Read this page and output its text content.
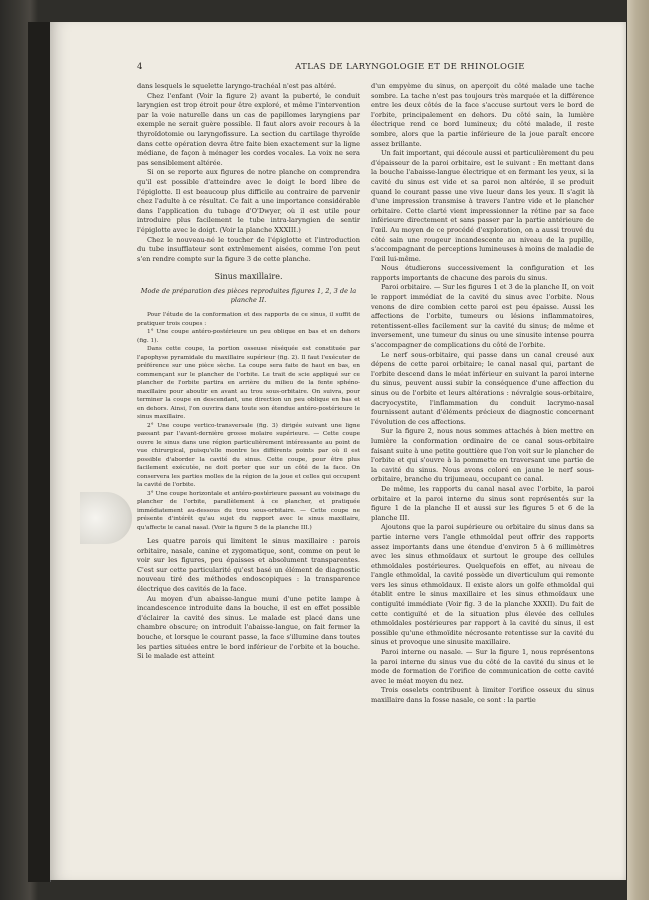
4	ATLAS DE LARYNGOLOGIE ET DE RHINOLOGIE

dans lesquels le squelette laryngo-trachéal n'est pas altéré.

Chez l'enfant (Voir la figure 2) avant la puberté, le conduit laryngien est trop étroit pour être exploré, et même l'intervention par la voie naturelle dans un cas de papillomes laryngiens par exemple ne serait guère possible. Il faut alors avoir recours à la thyroïdotomie ou laryngofissure. La section du cartilage thyroïde dans cette opération devra être faite bien exactement sur la ligne médiane, de façon à ménager les cordes vocales. La voix ne sera pas sensiblement altérée.

Si on se reporte aux figures de notre planche on comprendra qu'il est possible d'atteindre avec le doigt le bord libre de l'épiglotte. Il est beaucoup plus difficile au contraire de parvenir chez l'adulte à ce résultat. Ce fait a une importance considérable dans l'application du tubage d'O'Dwyer, où il est utile pour introduire plus facilement le tube intra-laryngien de sentir l'épiglotte avec le doigt. (Voir la planche XXXIII.)

Chez le nouveau-né le toucher de l'épiglotte et l'introduction du tube insufflateur sont extrêmement aisées, comme l'on peut s'en rendre compte sur la figure 3 de cette planche.

Sinus maxillaire.
Mode de préparation des pièces reproduites figures 1, 2, 3 de la planche II.

Pour l'étude de la conformation et des rapports de ce sinus, il suffit de pratiquer trois coupes :

1° Une coupe antéro-postérieure un peu oblique en bas et en dehors (fig. 1).

Dans cette coupe, la portion osseuse réséquée est constituée par l'apophyse pyramidale du maxillaire supérieur (fig. 2). Il faut l'exécuter de préférence sur une pièce sèche. La coupe sera faite de haut en bas, en commençant sur le plancher de l'orbite. Le trait de scie appliqué sur ce plancher de l'orbite partira en arrière du milieu de la fente sphéno-maxillaire pour aboutir en avant au trou sous-orbitaire. On suivra, pour terminer la coupe en descendant, une direction un peu oblique en bas et en dehors. Ainsi, l'on ouvrira dans toute son étendue antéro-postérieure le sinus maxillaire.

2° Une coupe vertico-transversale (fig. 3) dirigée suivant une ligne passant par l'avant-dernière grosse molaire supérieure. — Cette coupe ouvre le sinus dans une région particulièrement intéressante au point de vue chirurgical, puisqu'elle montre les différents points par où il est possible d'aborder la cavité du sinus. Cette coupe, pour être plus facilement exécutée, ne doit porter que sur un côté de la face. On conservera les parties molles de la région de la joue et celles qui occupent la cavité de l'orbite.

3° Une coupe horizontale et antéro-postérieure passant au voisinage du plancher de l'orbite, parallèlement à ce plancher, et pratiquée immédiatement au-dessous du trou sous-orbitaire. — Cette coupe ne présente d'intérêt qu'au sujet du rapport avec le sinus maxillaire, qu'affecte le canal nasal. (Voir la figure 5 de la planche III.)

Les quatre parois qui limitent le sinus maxillaire : parois orbitaire, nasale, canine et zygomatique, sont, comme on peut le voir sur les figures, peu épaisses et absolument transparentes. C'est sur cette particularité qu'est basé un élément de diagnostic nouveau tiré des méthodes endoscopiques : la transparence électrique des cavités de la face.

Au moyen d'un abaisse-langue muni d'une petite lampe à incandescence introduite dans la bouche, il est en effet possible d'éclairer la cavité des sinus. Le malade est placé dans une chambre obscure; on introduit l'abaisse-langue, on fait fermer la bouche, et lorsque le courant passe, la face s'illumine dans toutes les parties situées entre le bord inférieur de l'orbite et la bouche. Si le malade est atteint

d'un empyème du sinus, on aperçoit du côté malade une tache sombre. La tache n'est pas toujours très marquée et la différence entre les deux côtés de la face s'accuse surtout vers le bord de l'orbite, principalement en dehors. Du côté sain, la lumière électrique rend ce bord lumineux; du côté malade, il reste sombre, alors que la partie inférieure de la joue paraît encore assez brillante.

Un fait important, qui découle aussi et particulièrement du peu d'épaisseur de la paroi orbitaire, est le suivant : En mettant dans la bouche l'abaisse-langue électrique et en fermant les yeux, si la cavité du sinus est vide et sa paroi non altérée, il se produit quand le courant passe une vive lueur dans les yeux. Il s'agit là d'une impression transmise à travers l'antre vide et le plancher orbitaire. Cette clarté vient impressionner la rétine par sa face inférieure directement et sans passer par la partie antérieure de l'œil. Au moyen de ce procédé d'exploration, on a aussi trouvé du côté sain une rougeur incandescente au niveau de la pupille, s'accompagnant de perceptions lumineuses à moins de maladie de l'œil lui-même.

Nous étudierons successivement la configuration et les rapports importants de chacune des parois du sinus.

Paroi orbitaire. — Sur les figures 1 et 3 de la planche II, on voit le rapport immédiat de la cavité du sinus avec l'orbite. Nous venons de dire combien cette paroi est peu épaisse. Aussi les affections de l'orbite, tumeurs ou lésions inflammatoires, retentissent-elles facilement sur la cavité du sinus; de même et inversement, une tumeur du sinus ou une sinusite intense pourra s'accompagner de complications du côté de l'orbite.

Le nerf sous-orbitaire, qui passe dans un canal creusé aux dépens de cette paroi orbitaire; le canal nasal qui, partant de l'orbite descend dans le méat inférieur en suivant la paroi interne du sinus, peuvent aussi subir la conséquence d'une affection du sinus ou de l'orbite et leurs altérations : névralgie sous-orbitaire, dacryocystite, l'inflammation du conduit lacrymo-nasal fournissent autant d'éléments précieux de diagnostic concernant l'évolution de ces affections.

Sur la figure 2, nous nous sommes attachés à bien mettre en lumière la conformation ordinaire de ce canal sous-orbitaire faisant suite à une petite gouttière que l'on voit sur le plancher de l'orbite et qui s'ouvre à la pommette en traversant une partie de la cavité du sinus. Nous avons coloré en jaune le nerf sous-orbitaire, branche du trijumeau, occupant ce canal.

De même, les rapports du canal nasal avec l'orbite, la paroi orbitaire et la paroi interne du sinus sont représentés sur la figure 1 de la planche II et aussi sur les figures 5 et 6 de la planche III.

Ajoutons que la paroi supérieure ou orbitaire du sinus dans sa partie interne vers l'angle ethmoïdal peut offrir des rapports assez importants dans une étendue d'environ 5 à 6 millimètres avec les sinus ethmoïdaux et surtout le groupe des cellules ethmoïdales postérieures. Quelquefois en effet, au niveau de l'angle ethmoïdal, la cavité possède un diverticulum qui remonte vers les sinus ethmoïdaux. Il existe alors un golfe ethmoïdal qui établit entre le sinus maxillaire et les sinus ethmoïdaux une contiguïté immédiate (Voir fig. 3 de la planche XXXII). Du fait de cette contiguïté et de la situation plus élevée des cellules ethmoïdales postérieures par rapport à la cavité du sinus, il est possible qu'une ethmoïdite nécrosante retentisse sur la cavité du sinus et provoque une sinusite maxillaire.

Paroi interne ou nasale. — Sur la figure 1, nous représentons la paroi interne du sinus vue du côté de la cavité du sinus et le mode de formation de l'orifice de communication de cette cavité avec le méat moyen du nez.

Trois osselets contribuent à limiter l'orifice osseux du sinus maxillaire dans la fosse nasale, ce sont : la partie
